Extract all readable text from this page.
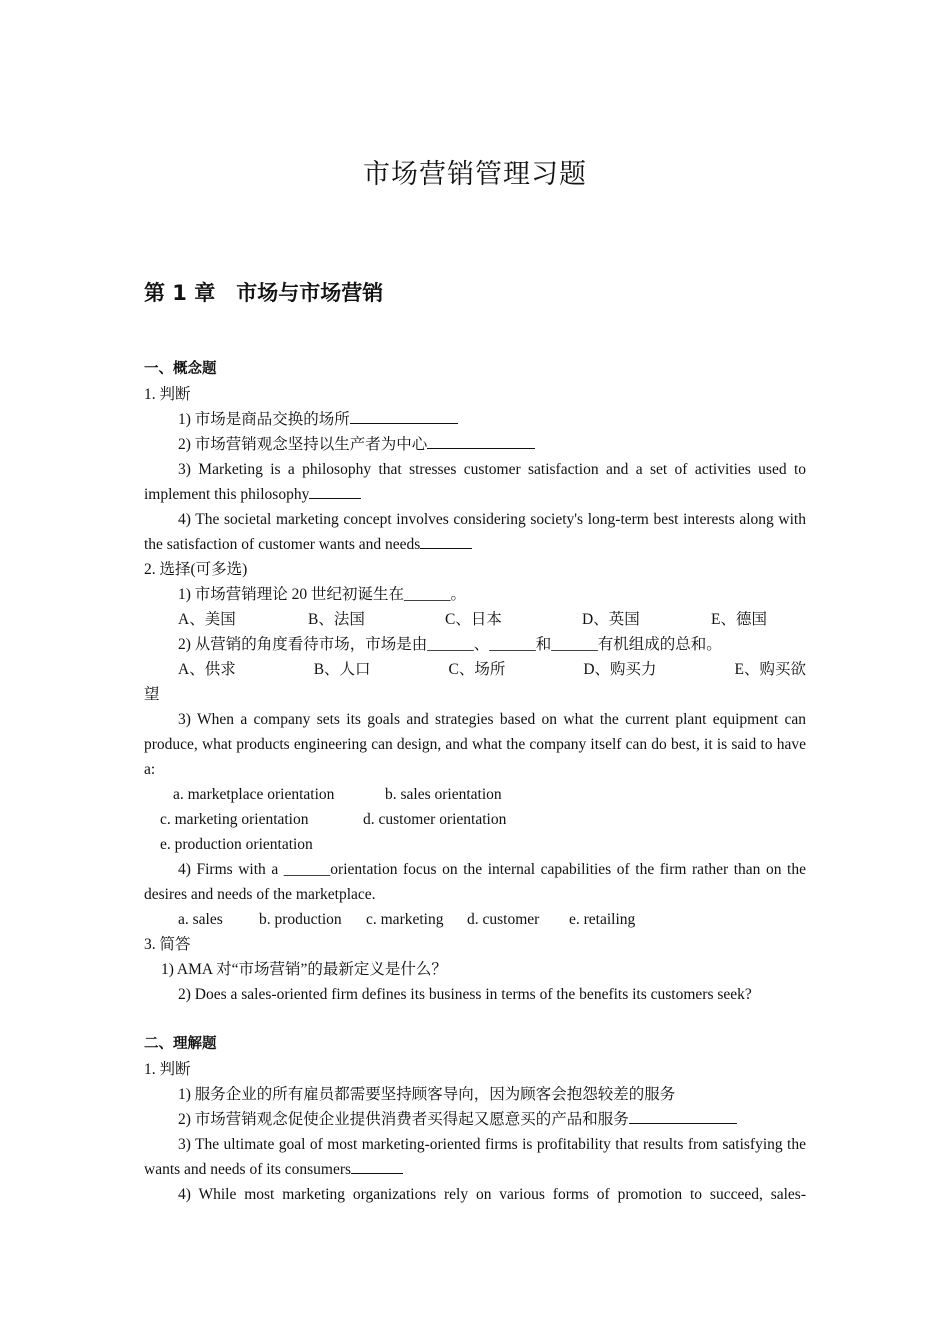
市场营销管理习题
第 1 章　市场与市场营销
一、概念题
1. 判断
1) 市场是商品交换的场所
2) 市场营销观念坚持以生产者为中心
3) Marketing is a philosophy that stresses customer satisfaction and a set of activities used to implement this philosophy
4) The societal marketing concept involves considering society's long-term best interests along with the satisfaction of customer wants and needs
2. 选择(可多选)
1) 市场营销理论 20 世纪初诞生在______。
A、美国	B、法国	C、日本	D、英国	E、德国
2) 从营销的角度看待市场，市场是由______、______和______有机组成的总和。
A、供求	B、人口	C、场所	D、购买力	E、购买欲
望
3) When a company sets its goals and strategies based on what the current plant equipment can produce, what products engineering can design, and what the company itself can do best, it is said to have a:
a. marketplace orientation	b. sales orientation
c. marketing orientation	d. customer orientation
e. production orientation
4) Firms with a ______orientation focus on the internal capabilities of the firm rather than on the desires and needs of the marketplace.
a. sales b. production c. marketing d. customer e. retailing
3. 简答
1) AMA 对“市场营销”的最新定义是什么？
2) Does a sales-oriented firm defines its business in terms of the benefits its customers seek?
二、理解题
1. 判断
1) 服务企业的所有雇员都需要坚持顾客导向，因为顾客会抱怨较差的服务
2) 市场营销观念促使企业提供消费者买得起又愿意买的产品和服务
3) The ultimate goal of most marketing-oriented firms is profitability that results from satisfying the wants and needs of its consumers
4) While most marketing organizations rely on various forms of promotion to succeed, sales-
